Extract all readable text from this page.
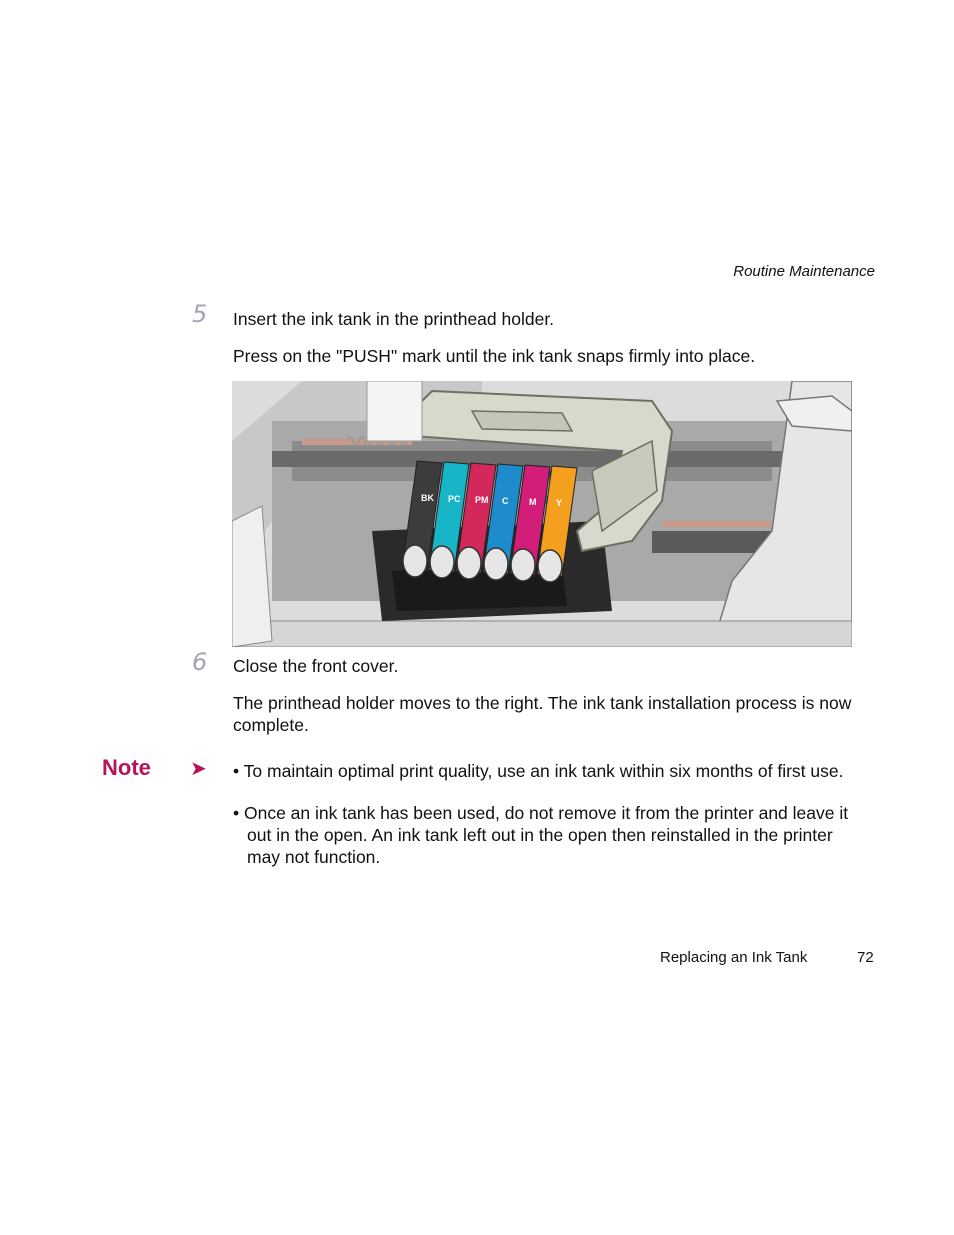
Routine Maintenance
5 Insert the ink tank in the printhead holder.
Press on the "PUSH" mark until the ink tank snaps firmly into place.
BK PC PM C M Y
6 Close the front cover.
The printhead holder moves to the right. The ink tank installation process is now complete.
Note ➤ • To maintain optimal print quality, use an ink tank within six months of first use.
• Once an ink tank has been used, do not remove it from the printer and leave it out in the open. An ink tank left out in the open then reinstalled in the printer may not function.
Replacing an Ink Tank	72
